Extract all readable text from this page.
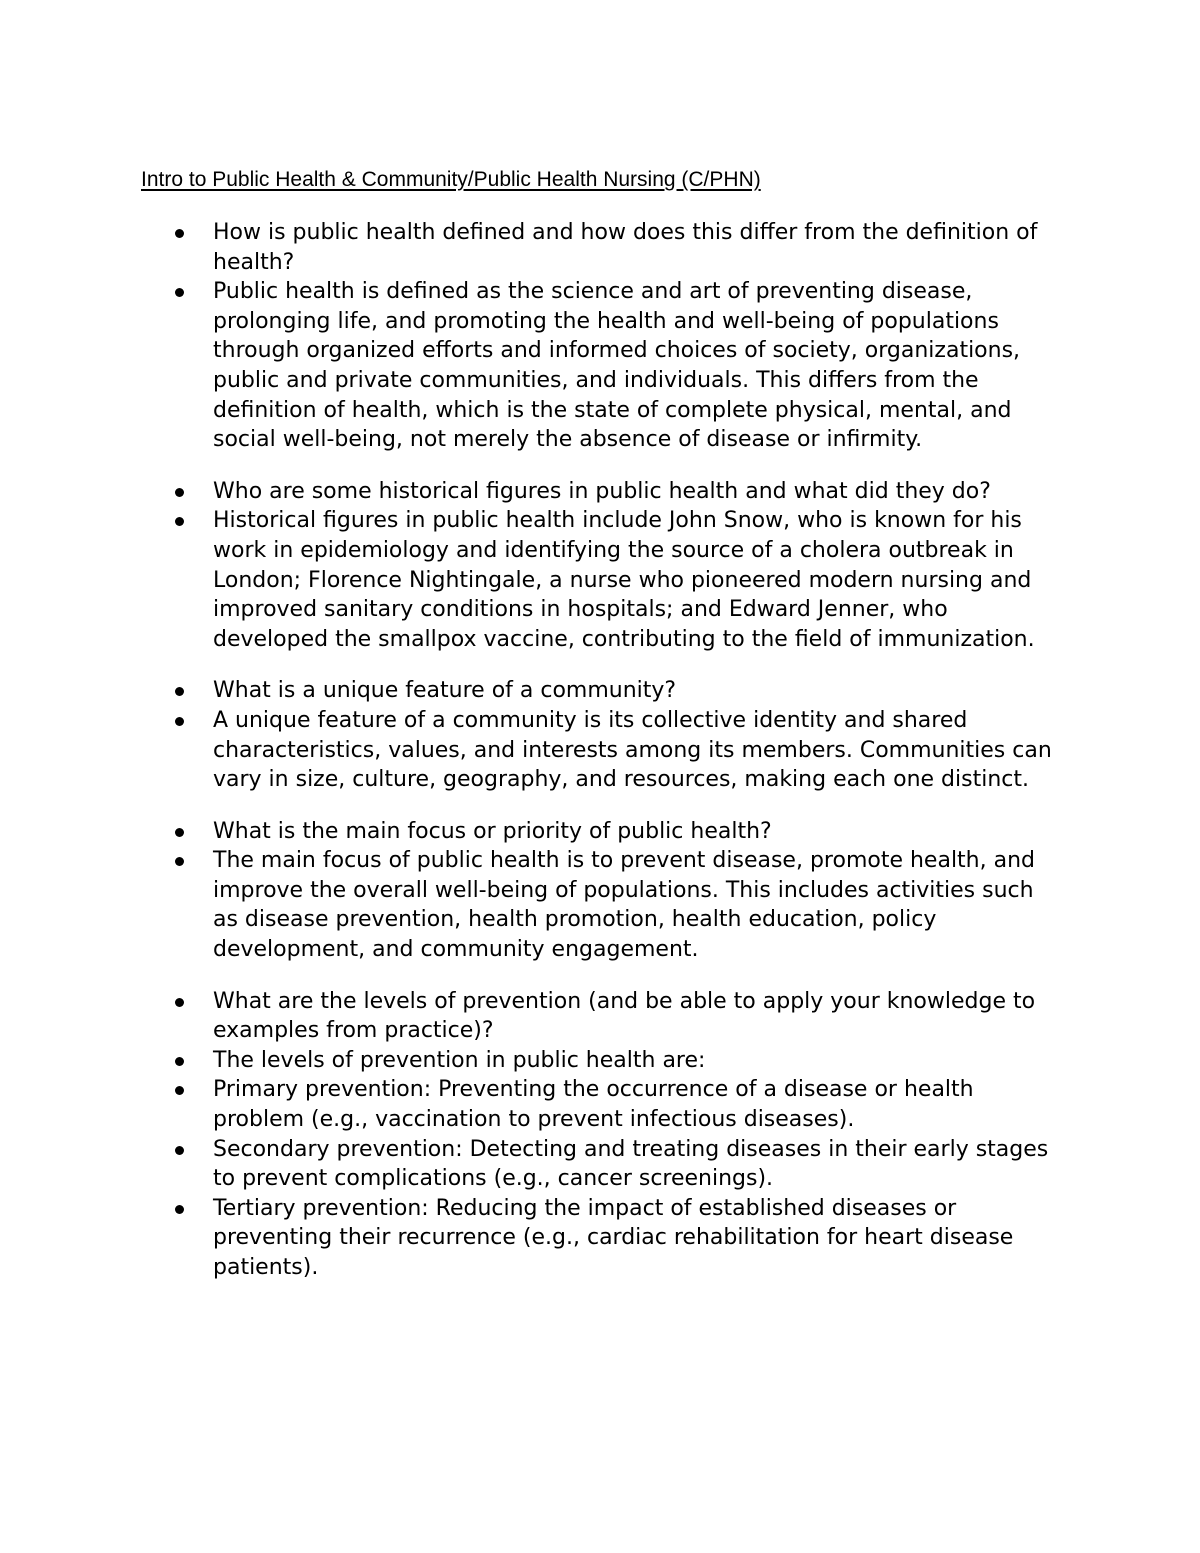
Intro to Public Health & Community/Public Health Nursing (C/PHN)
How is public health defined and how does this differ from the definition of health?
Public health is defined as the science and art of preventing disease, prolonging life, and promoting the health and well-being of populations through organized efforts and informed choices of society, organizations, public and private communities, and individuals. This differs from the definition of health, which is the state of complete physical, mental, and social well-being, not merely the absence of disease or infirmity.
Who are some historical figures in public health and what did they do?
Historical figures in public health include John Snow, who is known for his work in epidemiology and identifying the source of a cholera outbreak in London; Florence Nightingale, a nurse who pioneered modern nursing and improved sanitary conditions in hospitals; and Edward Jenner, who developed the smallpox vaccine, contributing to the field of immunization.
What is a unique feature of a community?
A unique feature of a community is its collective identity and shared characteristics, values, and interests among its members. Communities can vary in size, culture, geography, and resources, making each one distinct.
What is the main focus or priority of public health?
The main focus of public health is to prevent disease, promote health, and improve the overall well-being of populations. This includes activities such as disease prevention, health promotion, health education, policy development, and community engagement.
What are the levels of prevention (and be able to apply your knowledge to examples from practice)?
The levels of prevention in public health are:
Primary prevention: Preventing the occurrence of a disease or health problem (e.g., vaccination to prevent infectious diseases).
Secondary prevention: Detecting and treating diseases in their early stages to prevent complications (e.g., cancer screenings).
Tertiary prevention: Reducing the impact of established diseases or preventing their recurrence (e.g., cardiac rehabilitation for heart disease patients).
